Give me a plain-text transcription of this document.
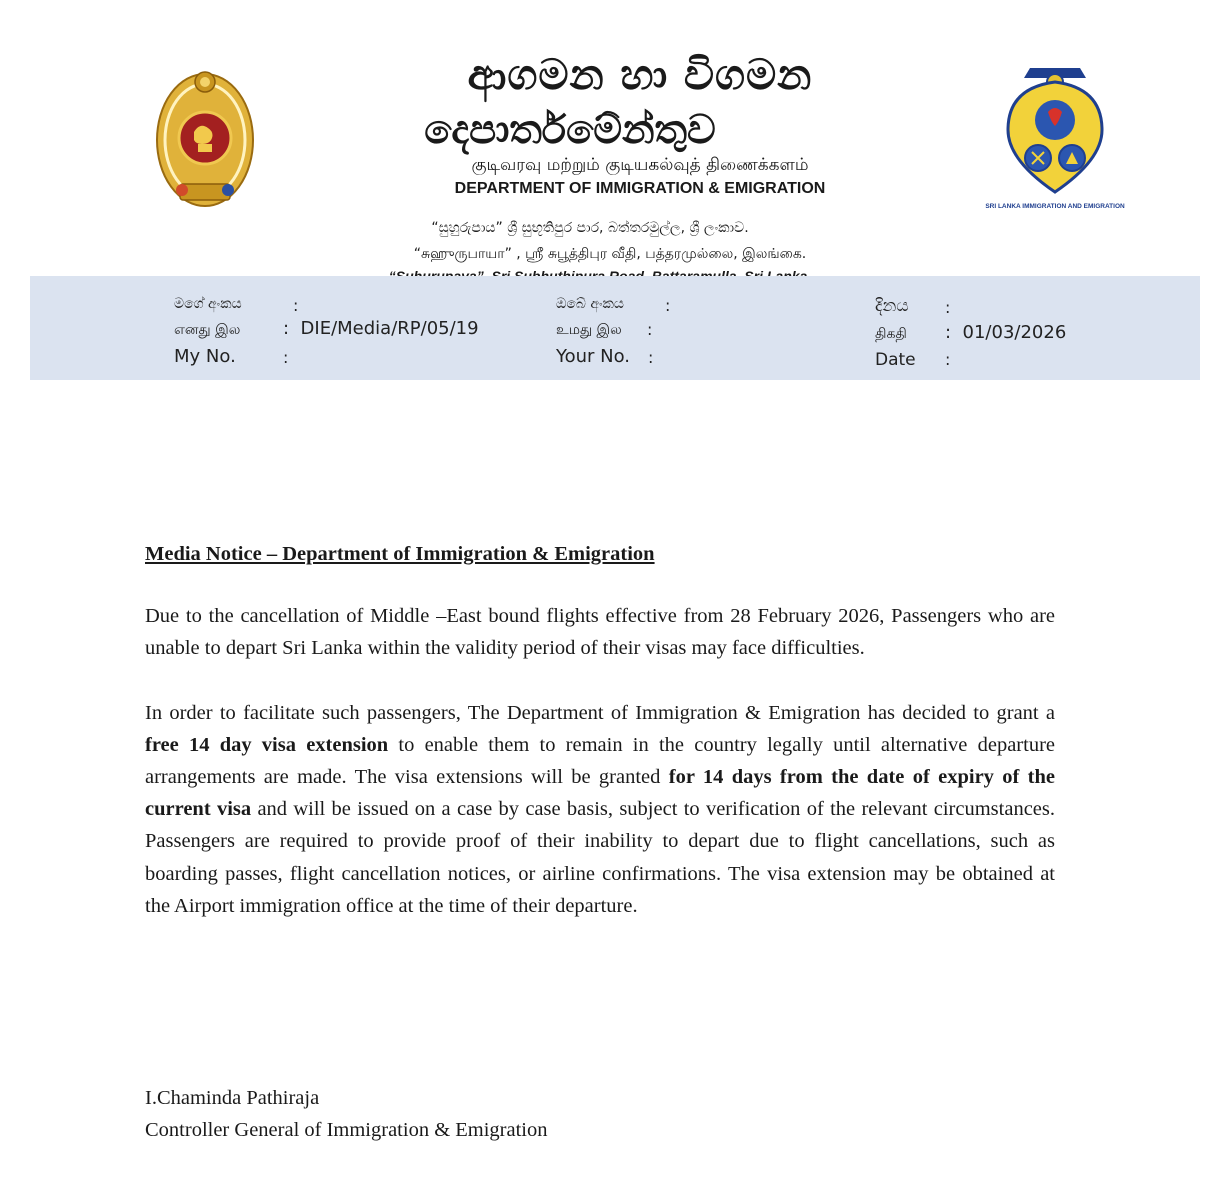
ආගමන හා විගමන
දෙපාර්තමේන්තුව
குடிவரவு மற்றும் குடியகல்வுத் திணைக்களம்
DEPARTMENT OF IMMIGRATION & EMIGRATION
SRI LANKA IMMIGRATION AND EMIGRATION
“සුහුරුපාය” ශ්‍රී සුභූතිපුර පාර, බත්තරමුල්ල, ශ්‍රී ලංකාව.
“சுஹுருபாயா” , ஸ்ரீ சுபூத்திபுர வீதி, பத்தரமுல்லை, இலங்கை.
මගේ අංකය	:
எனது இல : DIE/Media/RP/05/19
My No.	:
ඔබේ අංකය	:
உமது இல :
Your No. :
දිනය :
திகதி : 01/03/2026
Date :
Media Notice – Department of Immigration & Emigration

Due to the cancellation of Middle –East bound flights effective from 28 February 2026, Passengers who are unable to depart Sri Lanka within the validity period of their visas may face difficulties.

In order to facilitate such passengers, The Department of Immigration & Emigration has decided to grant a free 14 day visa extension to enable them to remain in the country legally until alternative departure arrangements are made. The visa extensions will be granted for 14 days from the date of expiry of the current visa and will be issued on a case by case basis, subject to verification of the relevant circumstances. Passengers are required to provide proof of their inability to depart due to flight cancellations, such as boarding passes, flight cancellation notices, or airline confirmations. The visa extension may be obtained at the Airport immigration office at the time of their departure.

I.Chaminda Pathiraja
Controller General of Immigration & Emigration
